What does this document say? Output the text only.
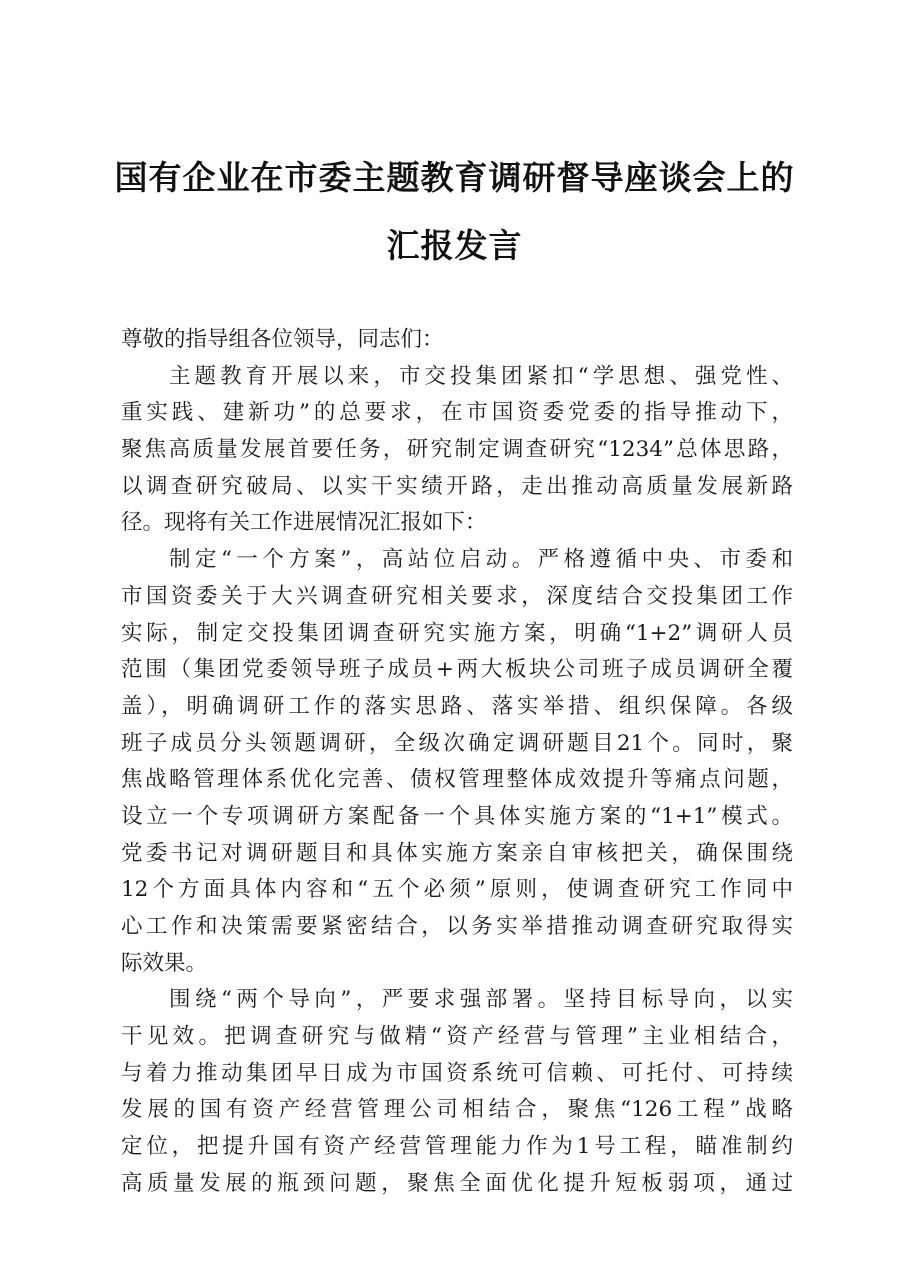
国有企业在市委主题教育调研督导座谈会上的
汇报发言
尊敬的指导组各位领导，同志们：
主题教育开展以来，市交投集团紧扣“学思想、强党性、
重实践、建新功”的总要求，在市国资委党委的指导推动下，
聚焦高质量发展首要任务，研究制定调查研究“1234”总体思路，
以调查研究破局、以实干实绩开路，走出推动高质量发展新路
径。现将有关工作进展情况汇报如下：
制定“一个方案”，高站位启动。严格遵循中央、市委和
市国资委关于大兴调查研究相关要求，深度结合交投集团工作
实际，制定交投集团调查研究实施方案，明确“1+2”调研人员
范围（集团党委领导班子成员+两大板块公司班子成员调研全覆
盖），明确调研工作的落实思路、落实举措、组织保障。各级
班子成员分头领题调研，全级次确定调研题目21个。同时，聚
焦战略管理体系优化完善、债权管理整体成效提升等痛点问题，
设立一个专项调研方案配备一个具体实施方案的“1+1”模式。
党委书记对调研题目和具体实施方案亲自审核把关，确保围绕
12个方面具体内容和“五个必须”原则，使调查研究工作同中
心工作和决策需要紧密结合，以务实举措推动调查研究取得实
际效果。
围绕“两个导向”，严要求强部署。坚持目标导向，以实
干见效。把调查研究与做精“资产经营与管理”主业相结合，
与着力推动集团早日成为市国资系统可信赖、可托付、可持续
发展的国有资产经营管理公司相结合，聚焦“126工程”战略
定位，把提升国有资产经营管理能力作为1号工程，瞄准制约
高质量发展的瓶颈问题，聚焦全面优化提升短板弱项，通过
